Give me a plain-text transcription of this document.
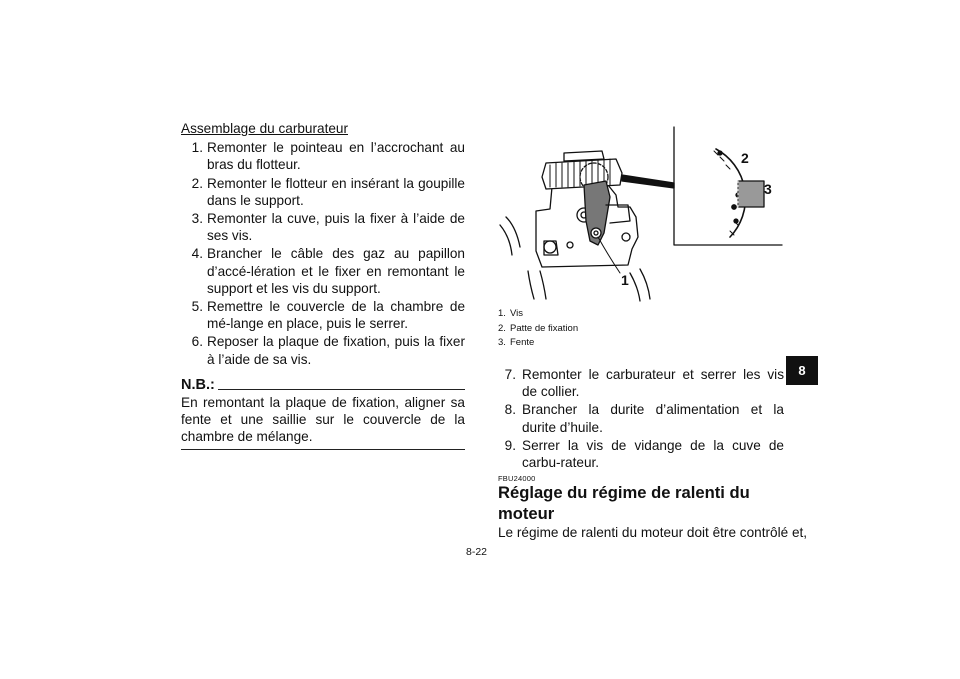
Assemblage du carburateur
1. Remonter le pointeau en l’accrochant au bras du flotteur.
2. Remonter le flotteur en insérant la goupille dans le support.
3. Remonter la cuve, puis la fixer à l’aide de ses vis.
4. Brancher le câble des gaz au papillon d’accé-lération et le fixer en remontant le support et les vis du support.
5. Remettre le couvercle de la chambre de mé-lange en place, puis le serrer.
6. Reposer la plaque de fixation, puis la fixer à l’aide de sa vis.
N.B.:
En remontant la plaque de fixation, aligner sa fente et une saillie sur le couvercle de la chambre de mélange.
1
2
3
1. Vis
2. Patte de fixation
3. Fente
7. Remonter le carburateur et serrer les vis de collier.
8. Brancher la durite d’alimentation et la durite d’huile.
9. Serrer la vis de vidange de la cuve de carbu-rateur.
FBU24000
Réglage du régime de ralenti du moteur
Le régime de ralenti du moteur doit être contrôlé et,
8-22
8
